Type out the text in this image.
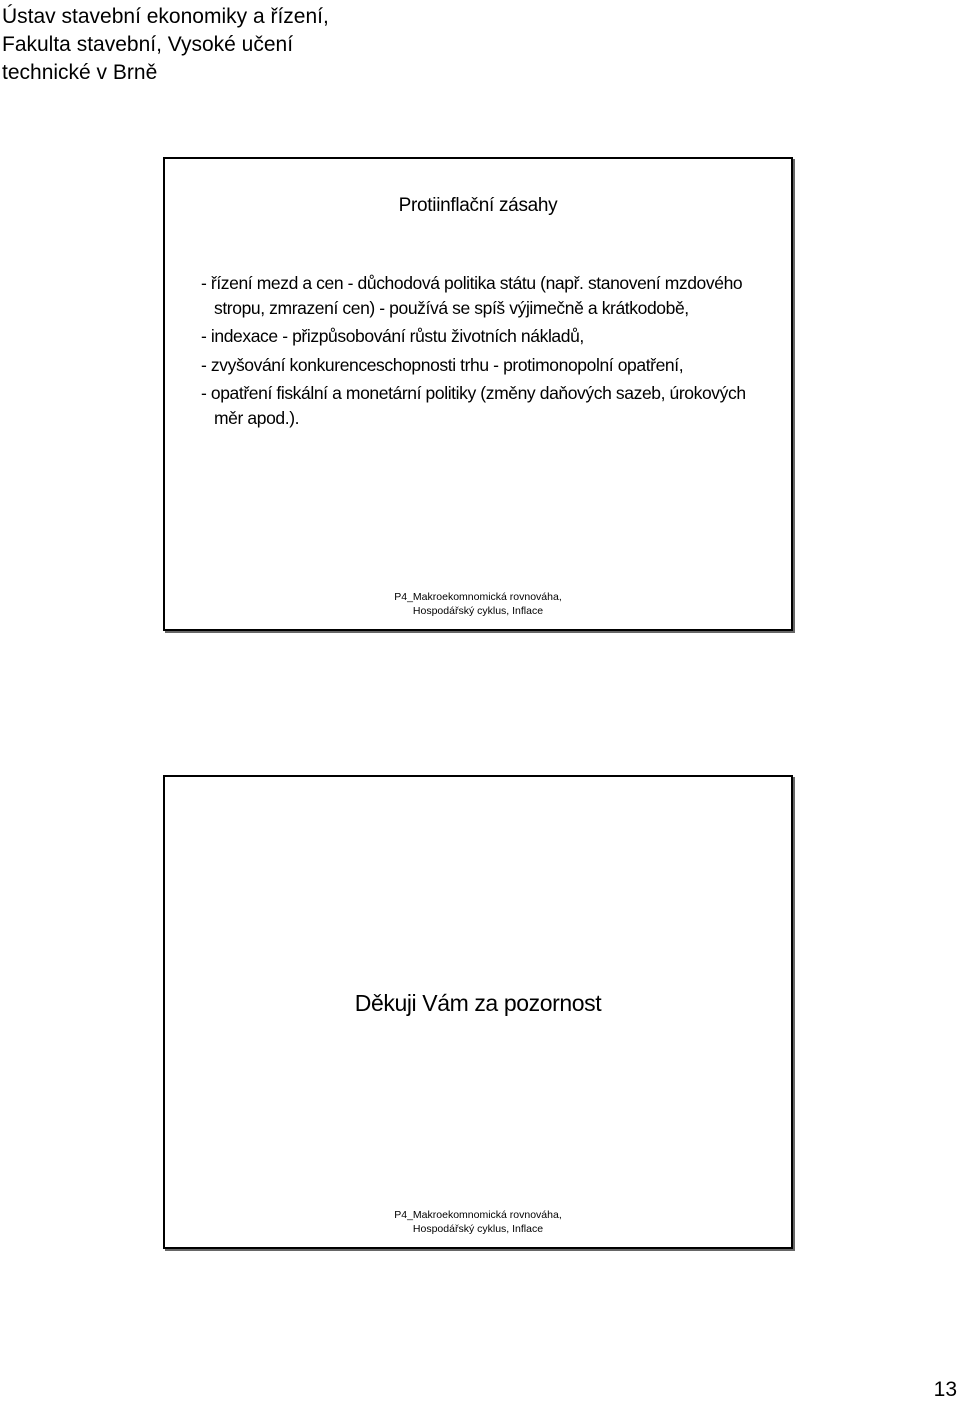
Ústav stavební ekonomiky a řízení,
Fakulta stavební, Vysoké učení
technické v Brně
Protiinflační zásahy
- řízení mezd a cen - důchodová politika státu (např. stanovení mzdového stropu, zmrazení cen) - používá se spíš výjimečně a krátkodobě,
- indexace - přizpůsobování růstu životních nákladů,
- zvyšování konkurenceschopnosti trhu - protimonopolní opatření,
- opatření fiskální a monetární politiky (změny daňových sazeb, úrokových měr apod.).
P4_Makroekomnomická rovnováha,
Hospodářský cyklus, Inflace
Děkuji Vám za pozornost
P4_Makroekomnomická rovnováha,
Hospodářský cyklus, Inflace
13
